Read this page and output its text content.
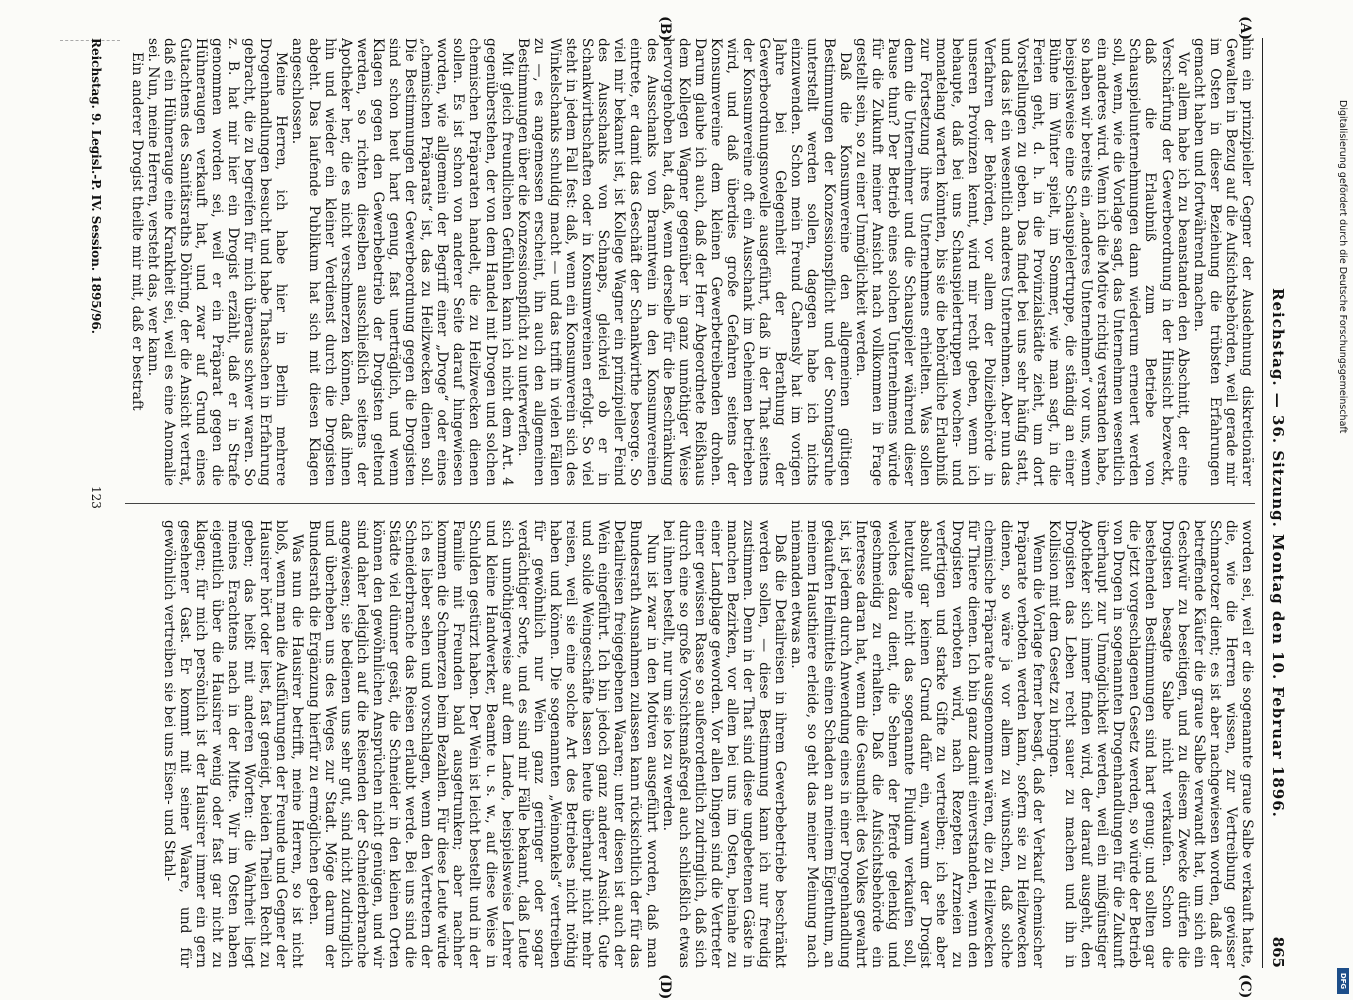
Reichstag. — 36. Sitzung. Montag den 10. Februar 1896.
865
(A)
(B)
(C)
(D)

hin ein prinzipieller Gegner der Ausdehnung diskretionärer Gewalten in Bezug auf die Aufsichtsbehörden, weil gerade mir im Osten in dieser Beziehung die trübsten Erfahrungen gemacht haben und fortwährend machen.

Vor allem habe ich zu beanstanden den Abschnitt, der eine Verschärfung der Gewerbeordnung in der Hinsicht bezweckt, daß die Erlaubniß zum Betriebe von Schauspielunternehmungen dann wiederum erneuert werden soll, wenn, wie die Vorlage sagt, das Unternehmen wesentlich ein anderes wird. Wenn ich die Motive richtig verstanden habe, so haben wir bereits ein „anderes Unternehmen“ vor uns, wenn beispielsweise eine Schauspielertruppe, die ständig an einer Bühne im Winter spielt, im Sommer, wie man sagt, in die Ferien geht, d. h. in die Provinzialstädte zieht, um dort Vorstellungen zu geben. Das findet bei uns sehr häufig statt, und das ist ein wesentlich anderes Unternehmen. Aber nun das Verfahren der Behörden, vor allem der Polizeibehörde in unseren Provinzen kennt, wird mir recht geben, wenn ich behaupte, daß bei uns Schauspielertruppen wochen- und monatelang warten könnten, bis sie die behördliche Erlaubniß zur Fortsetzung ihres Unternehmens erhielten. Was sollen denn die Unternehmer und die Schauspieler während dieser Pause thun? Der Betrieb eines solchen Unternehmens würde für die Zukunft meiner Ansicht nach vollkommen in Frage gestellt sein, so zu einer Unmöglichkeit werden.

Daß die Konsumvereine den allgemeinen gültigen Bestimmungen der Konzessionspflicht und der Sonntagsruhe unterstellt werden sollen, dagegen habe ich nichts einzuwenden. Schon mein Freund Cahensly hat im vorigen Jahre bei Gelegenheit der Berathung der Gewerbeordnungsnovelle ausgeführt, daß in der That seitens der Konsumvereine oft ein Ausschank im Geheimen betrieben wird, und daß überdies große Gefahren seitens der Konsumvereine dem kleinen Gewerbetreibenden drohen. Darum glaube ich auch, daß der Herr Abgeordnete Reißhaus dem Kollegen Wagner gegenüber in ganz unnöthiger Weise hervorgehoben hat, daß, wenn derselbe für die Beschränkung des Ausschanks von Branntwein in den Konsumvereinen eintrete, er damit das Geschäft der Schankwirthe besorge. So viel mir bekannt ist, ist Kollege Wagner ein prinzipieller Feind des Ausschanks von Schnaps, gleichviel ob er in Schankwirthschaften oder in Konsumvereinen erfolgt. So viel steht in jedem Fall fest: daß, wenn ein Konsumverein sich des Winkelschanks schuldig macht — und das trifft in vielen Fällen zu —, es angemessen erscheint, ihn auch den allgemeinen Bestimmungen über die Konzessionspflicht zu unterwerfen.

Mit gleich freundlichen Gefühlen kann ich nicht dem Art. 4 gegenüberstehen, der von dem Handel mit Drogen und solchen chemischen Präparaten handelt, die zu Heilzwecken dienen sollen. Es ist schon von anderer Seite darauf hingewiesen worden, wie allgemein der Begriff einer „Droge“ oder eines „chemischen Präparats“ ist, das zu Heilzwecken dienen soll. Die Bestimmungen der Gewerbeordnung gegen die Drogisten sind schon heut hart genug, fast unerträglich, und wenn Klagen gegen den Gewerbebetrieb der Drogisten geltend werden, so richten dieselben ausschließlich seitens der Apotheker her, die es nicht verschmerzen können, daß ihnen hin und wieder ein kleiner Verdienst durch die Drogisten abgeht. Das laufende Publikum hat sich mit diesen Klagen angeschlossen.

Meine Herren, ich habe hier in Berlin mehrere Drogenhandlungen besucht und habe Thatsachen in Erfahrung gebracht, die zu begreifen für mich überaus schwer waren. So z. B. hat mir hier ein Drogist erzählt, daß er in Strafe genommen worden sei, weil er ein Präparat gegen die Hühneraugen verkauft hat, und zwar auf Grund eines Gutachtens des Sanitätsraths Döhring, der die Ansicht vertrat, daß ein Hühnerauge eine Krankheit sei, weil es eine Anomalie sei. Nun, meine Herren, versteht das, wer kann.

Ein anderer Drogist theilte mir mit, daß er bestraft

worden sei, weil er die sogenannte graue Salbe verkauft hatte, die, wie die Herren wissen, zur Vertreibung gewisser Schmarotzer dient; es ist aber nachgewiesen worden, daß der betreffende Käufer die graue Salbe verwandt hat, um sich ein Geschwür zu beseitigen, und zu diesem Zwecke dürfen die Drogisten besagte Salbe nicht verkaufen. Schon die bestehenden Bestimmungen sind hart genug; und sollten gar die jetzt vorgeschlagenen Gesetz werden, so würde der Betrieb von Drogen in sogenannten Drogenhandlungen für die Zukunft überhaupt zur Unmöglichkeit werden, weil ein mißgünstiger Apotheker sich immer finden wird, der darauf ausgeht, den Drogisten das Leben recht sauer zu machen und ihn in Kollision mit dem Gesetz zu bringen.

Wenn die Vorlage ferner besagt, daß der Verkauf chemischer Präparate verboten werden kann, sofern sie zu Heilzwecken dienen, so wäre ja vor allem zu wünschen, daß solche chemische Präparate ausgenommen wären, die zu Heilzwecken für Thiere dienen. Ich bin ganz damit einverstanden, wenn den Drogisten verboten wird, nach Rezepten Arzneien zu verfertigen und starke Gifte zu vertreiben; ich sehe aber absolut gar keinen Grund dafür ein, warum der Drogist heutzutage nicht das sogenannte Fluidum verkaufen soll, welches dazu dient, die Sehnen der Pferde gelenkig und geschmeidig zu erhalten. Daß die Aufsichtsbehörde ein Interesse daran hat, wenn die Gesundheit des Volkes gewahrt ist, ist jedem durch Anwendung eines in einer Drogenhandlung gekauften Heilmittels einen Schaden an meinem Eigenthum, an meinem Hausthiere erleide, so geht das meiner Meinung nach niemanden etwas an.

Daß die Detailreisen in ihrem Gewerbebetriebe beschränkt werden sollen, — diese Bestimmung kann ich nur freudig zustimmen. Denn in der That sind diese ungebetenen Gäste in manchen Bezirken, vor allem bei uns im Osten, beinahe zu einer Landplage geworden. Vor allen Dingen sind die Vertreter einer gewissen Rasse so außerordentlich zudringlich, daß sich durch eine so große Vorsichtsmaßregel auch schließlich etwas bei ihnen bestellt, nur um sie los zu werden.

Nun ist zwar in den Motiven ausgeführt worden, daß man Bundesrath Ausnahmen zulassen kann rücksichtlich der für das Detailreisen freigegebenen Waaren; unter diesen ist auch der Wein eingeführt. Ich bin jedoch ganz anderer Ansicht. Gute und solide Weingeschäfte lassen heute überhaupt nicht mehr reisen, weil sie eine solche Art des Betriebes nicht nöthig haben und können. Die sogenannten „Weinonkels“ vertreiben für gewöhnlich nur Wein ganz geringer oder sogar verdächtiger Sorte, und es sind mir Fälle bekannt, daß Leute sich unnöthigerweise auf dem Lande, beispielsweise Lehrer und kleine Handwerker, Beamte u. s. w., auf diese Weise in Schulden gestürzt haben. Der Wein ist leicht bestellt und in der Familie mit Freunden bald ausgetrunken; aber nachher kommen die Schmerzen beim Bezahlen. Für diese Leute würde ich es lieber sehen und vorschlagen, wenn den Vertretern der Schneiderbranche das Reisen erlaubt werde. Bei uns sind die Städte viel dünner gesät, die Schneider in den kleinen Orten können den gewöhnlichen Ansprüchen nicht genügen, und wir sind daher lediglich auf die Reisenden der Schneiderbranche angewiesen; sie bedienen uns sehr gut, sind nicht zudringlich und überheben uns des Weges zur Stadt. Möge darum der Bundesrath die Ergänzung hierfür zu ermöglichen geben.

Was nun die Hausirer betrifft, meine Herren, so ist nicht bloß, wenn man die Ausführungen der Freunde und Gegner der Hausirer hört oder liest, fast geneigt, beiden Theilen Recht zu geben; das heißt mit anderen Worten: die Wahrheit liegt meines Erachtens nach in der Mitte. Wir im Osten haben eigentlich über die Hausirer wenig oder fast gar nicht zu klagen; für mich persönlich ist der Hausirer immer ein gern gesehener Gast. Er kommt mit seiner Waare, und für gewöhnlich vertreiben sie bei uns Eisen- und Stahl-

Reichstag. 9. Legisl.-P. IV. Session. 1895/96.
123
Digitalisierung gefördert durch die Deutsche Forschungsgemeinschaft
DFG
